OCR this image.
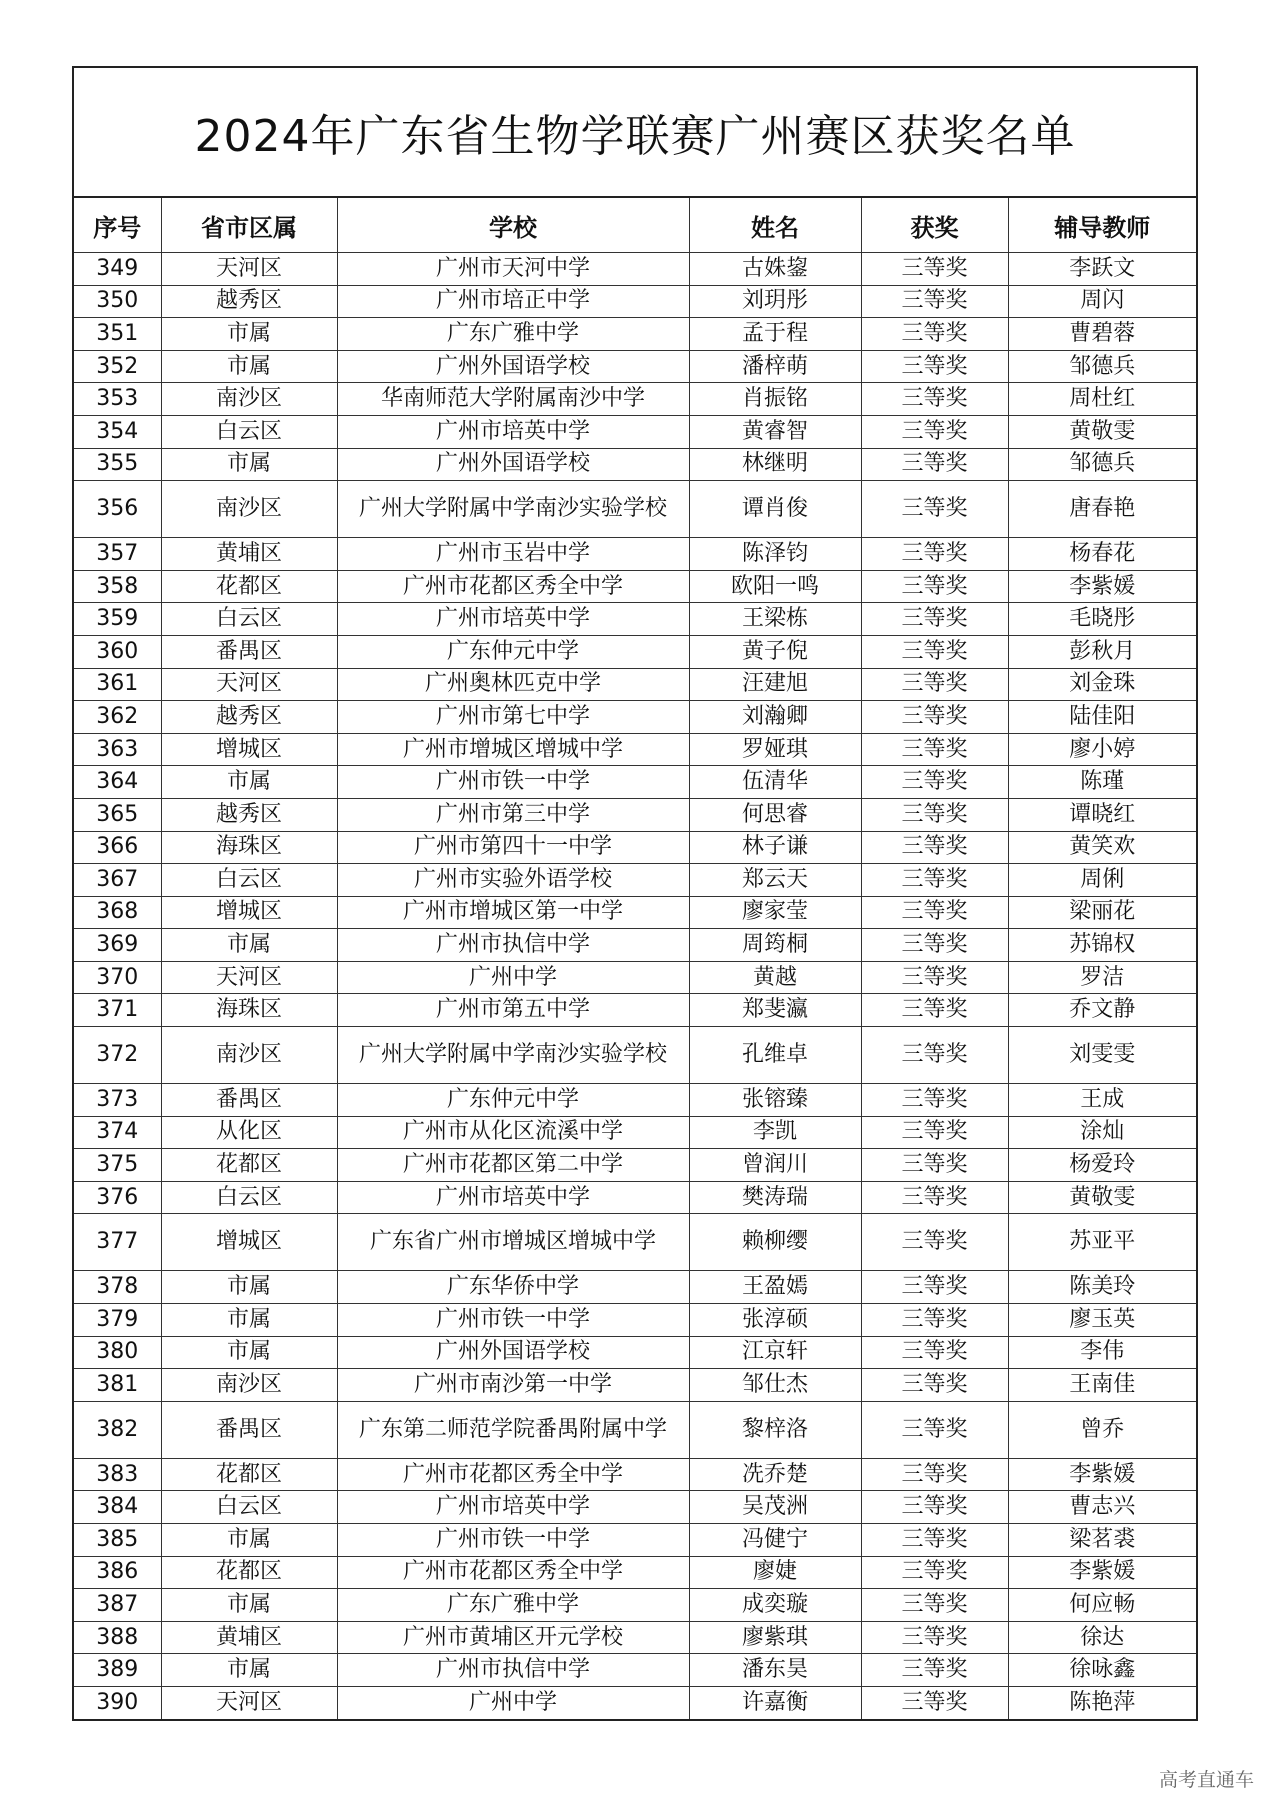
2024年广东省生物学联赛广州赛区获奖名单
序号	省市区属	学校	姓名	获奖	辅导教师
349	天河区	广州市天河中学	古姝鋆	三等奖	李跃文
350	越秀区	广州市培正中学	刘玥彤	三等奖	周闪
351	市属	广东广雅中学	孟于程	三等奖	曹碧蓉
352	市属	广州外国语学校	潘梓萌	三等奖	邹德兵
353	南沙区	华南师范大学附属南沙中学	肖振铭	三等奖	周杜红
354	白云区	广州市培英中学	黄睿智	三等奖	黄敬雯
355	市属	广州外国语学校	林继明	三等奖	邹德兵
356	南沙区	广州大学附属中学南沙实验学校	谭肖俊	三等奖	唐春艳
357	黄埔区	广州市玉岩中学	陈泽钧	三等奖	杨春花
358	花都区	广州市花都区秀全中学	欧阳一鸣	三等奖	李紫媛
359	白云区	广州市培英中学	王梁栋	三等奖	毛晓彤
360	番禺区	广东仲元中学	黄子倪	三等奖	彭秋月
361	天河区	广州奥林匹克中学	汪建旭	三等奖	刘金珠
362	越秀区	广州市第七中学	刘瀚卿	三等奖	陆佳阳
363	增城区	广州市增城区增城中学	罗娅琪	三等奖	廖小婷
364	市属	广州市铁一中学	伍清华	三等奖	陈瑾
365	越秀区	广州市第三中学	何思睿	三等奖	谭晓红
366	海珠区	广州市第四十一中学	林子谦	三等奖	黄笑欢
367	白云区	广州市实验外语学校	郑云天	三等奖	周俐
368	增城区	广州市增城区第一中学	廖家莹	三等奖	梁丽花
369	市属	广州市执信中学	周筠桐	三等奖	苏锦权
370	天河区	广州中学	黄越	三等奖	罗洁
371	海珠区	广州市第五中学	郑斐瀛	三等奖	乔文静
372	南沙区	广州大学附属中学南沙实验学校	孔维卓	三等奖	刘雯雯
373	番禺区	广东仲元中学	张镕臻	三等奖	王成
374	从化区	广州市从化区流溪中学	李凯	三等奖	涂灿
375	花都区	广州市花都区第二中学	曾润川	三等奖	杨爱玲
376	白云区	广州市培英中学	樊涛瑞	三等奖	黄敬雯
377	增城区	广东省广州市增城区增城中学	赖柳缨	三等奖	苏亚平
378	市属	广东华侨中学	王盈嫣	三等奖	陈美玲
379	市属	广州市铁一中学	张淳硕	三等奖	廖玉英
380	市属	广州外国语学校	江京轩	三等奖	李伟
381	南沙区	广州市南沙第一中学	邹仕杰	三等奖	王南佳
382	番禺区	广东第二师范学院番禺附属中学	黎梓洛	三等奖	曾乔
383	花都区	广州市花都区秀全中学	冼乔楚	三等奖	李紫媛
384	白云区	广州市培英中学	吴茂洲	三等奖	曹志兴
385	市属	广州市铁一中学	冯健宁	三等奖	梁茗裘
386	花都区	广州市花都区秀全中学	廖婕	三等奖	李紫媛
387	市属	广东广雅中学	成奕璇	三等奖	何应畅
388	黄埔区	广州市黄埔区开元学校	廖紫琪	三等奖	徐达
389	市属	广州市执信中学	潘东昊	三等奖	徐咏鑫
390	天河区	广州中学	许嘉衡	三等奖	陈艳萍
高考直通车
